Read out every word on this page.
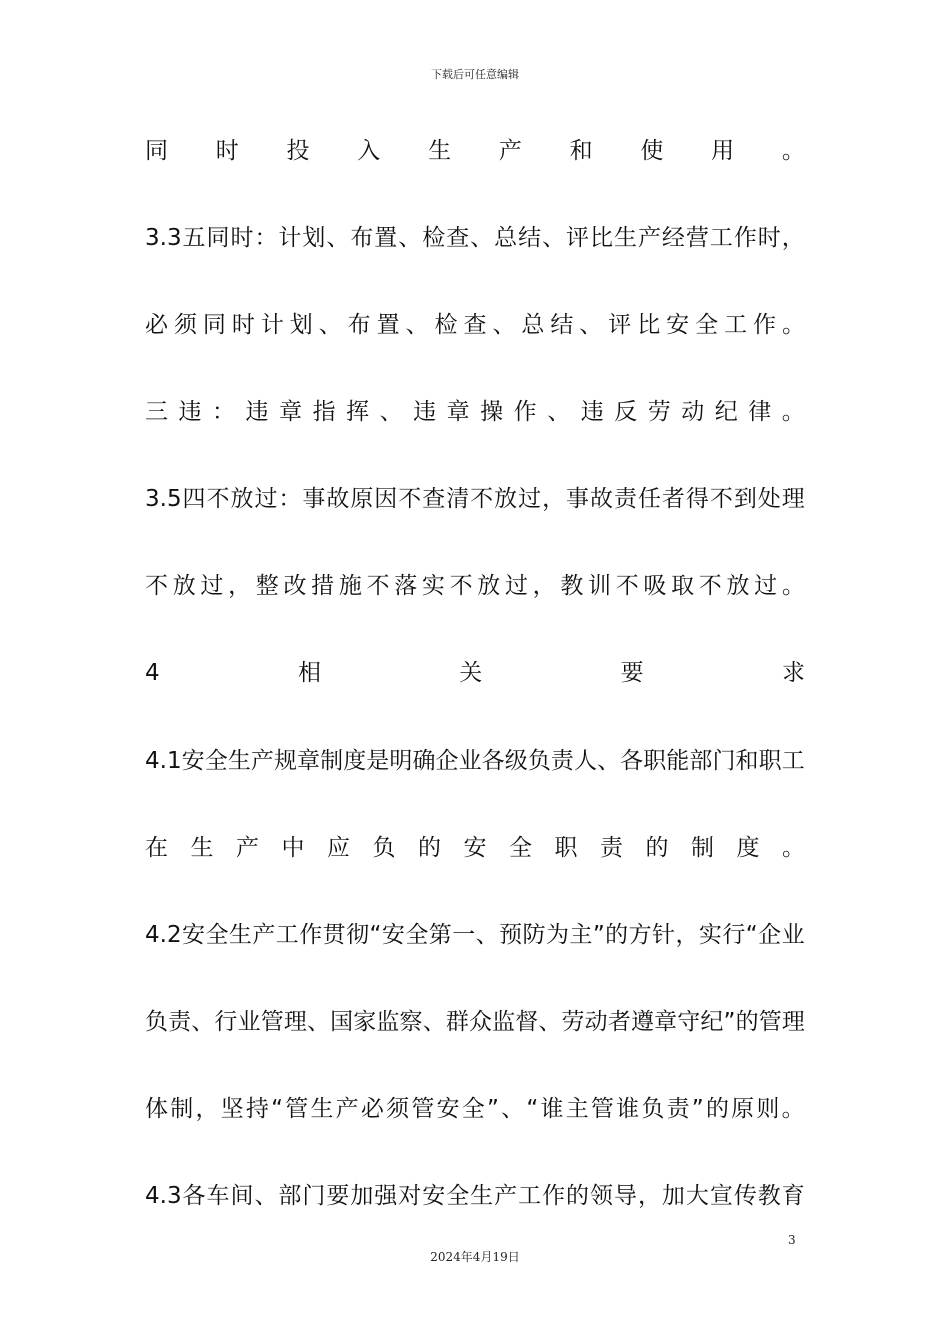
下载后可任意编辑
同 时 投 入 生 产 和 使 用 。
3.3 五 同 时 ： 计 划 、 布 置 、 检 查 、 总 结 、 评 比 生 产 经 营 工 作 时 ，
必 须 同 时 计 划 、 布 置 、 检 查 、 总 结 、 评 比 安 全 工 作 。
三 违 ： 违 章 指 挥 、 违 章 操 作 、 违 反 劳 动 纪 律 。
3.5 四 不 放 过 ： 事 故 原 因 不 查 清 不 放 过 ， 事 故 责 任 者 得 不 到 处 理
不 放 过 ， 整 改 措 施 不 落 实 不 放 过 ， 教 训 不 吸 取 不 放 过 。
4	相	关	要	求
4.1 安 全 生 产 规 章 制 度 是 明 确 企 业 各 级 负 责 人 、 各 职 能 部 门 和 职 工
在 生 产 中 应 负 的 安 全 职 责 的 制 度 。
4.2 安 全 生 产 工 作 贯 彻 “ 安 全 第 一 、 预 防 为 主 ” 的 方 针 ， 实 行 “ 企 业
负 责 、 行 业 管 理 、 国 家 监 察 、 群 众 监 督 、 劳 动 者 遵 章 守 纪 ” 的 管 理
体 制 ， 坚 持 “ 管 生 产 必 须 管 安 全 ” 、 “ 谁 主 管 谁 负 责 ” 的 原 则 。
4.3 各 车 间 、 部 门 要 加 强 对 安 全 生 产 工 作 的 领 导 ， 加 大 宣 传 教 育
3
2024年4月19日
